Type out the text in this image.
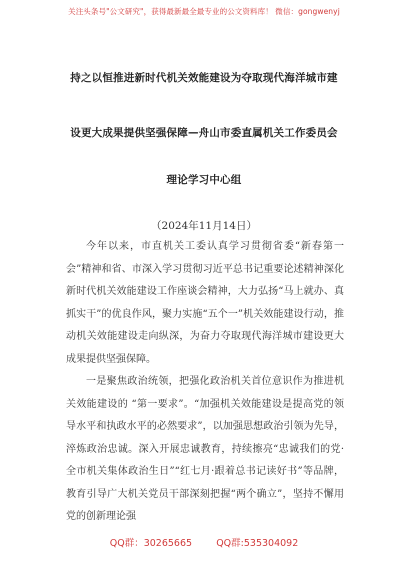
关注头条号"公文研究"，获得最新最全最专业的公文资料库！ 微信：gongwenyj
持之以恒推进新时代机关效能建设为夺取现代海洋城市建
设更大成果提供坚强保障—舟山市委直属机关工作委员会
理论学习中心组
（2024年11月14日）

今年以来，市直机关工委认真学习贯彻省委“新春第一会”精神和省、市深入学习贯彻习近平总书记重要论述精神深化新时代机关效能建设工作座谈会精神，大力弘扬“马上就办、真抓实干”的优良作风，聚力实施“五个一”机关效能建设行动，推动机关效能建设走向纵深，为奋力夺取现代海洋城市建设更大成果提供坚强保障。

一是聚焦政治统领，把强化政治机关首位意识作为推进机关效能建设的 “第一要求”。“加强机关效能建设是提高党的领导水平和执政水平的必然要求”，以加强思想政治引领为先导，淬炼政治忠诚。深入开展忠诚教育，持续擦亮“忠诚我们的党·全市机关集体政治生日”“红七月·跟着总书记读好书”等品牌，教育引导广大机关党员干部深刻把握“两个确立”，坚持不懈用党的创新理论强

QQ群：30265665        QQ群:535304092
